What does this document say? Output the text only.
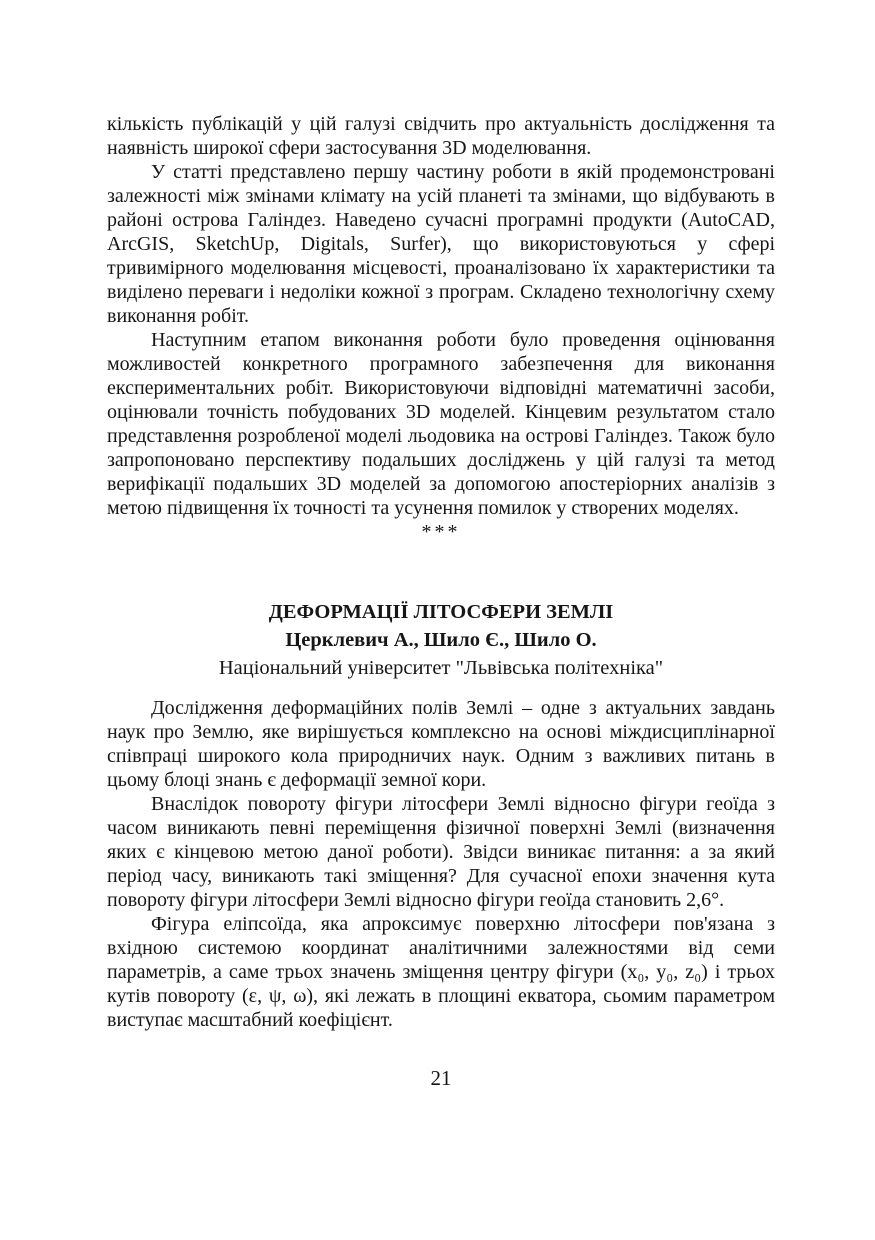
кількість публікацій у цій галузі свідчить про актуальність дослідження та наявність широкої сфери застосування 3D моделювання.

У статті представлено першу частину роботи в якій продемонстровані залежності між змінами клімату на усій планеті та змінами, що відбувають в районі острова Галіндез. Наведено сучасні програмні продукти (AutoCAD, ArcGIS, SketchUp, Digitals, Surfer), що використовуються у сфері тривимірного моделювання місцевості, проаналізовано їх характеристики та виділено переваги і недоліки кожної з програм. Складено технологічну схему виконання робіт.

Наступним етапом виконання роботи було проведення оцінювання можливостей конкретного програмного забезпечення для виконання експериментальних робіт. Використовуючи відповідні математичні засоби, оцінювали точність побудованих 3D моделей. Кінцевим результатом стало представлення розробленої моделі льодовика на острові Галіндез. Також було запропоновано перспективу подальших досліджень у цій галузі та метод верифікації подальших 3D моделей за допомогою апостеріорних аналізів з метою підвищення їх точності та усунення помилок у створених моделях.

***
ДЕФОРМАЦІЇ ЛІТОСФЕРИ ЗЕМЛІ
Церклевич А., Шило Є., Шило О.
Національний університет "Львівська політехніка"

Дослідження деформаційних полів Землі – одне з актуальних завдань наук про Землю, яке вирішується комплексно на основі міждисциплінарної співпраці широкого кола природничих наук. Одним з важливих питань в цьому блоці знань є деформації земної кори.

Внаслідок повороту фігури літосфери Землі відносно фігури геоїда з часом виникають певні переміщення фізичної поверхні Землі (визначення яких є кінцевою метою даної роботи). Звідси виникає питання: а за який період часу, виникають такі зміщення? Для сучасної епохи значення кута повороту фігури літосфери Землі відносно фігури геоїда становить 2,6°.

Фігура еліпсоїда, яка апроксимує поверхню літосфери пов'язана з вхідною системою координат аналітичними залежностями від семи параметрів, а саме трьох значень зміщення центру фігури (x₀, y₀, z₀) і трьох кутів повороту (ε, ψ, ω), які лежать в площині екватора, сьомим параметром виступає масштабний коефіцієнт.

21
